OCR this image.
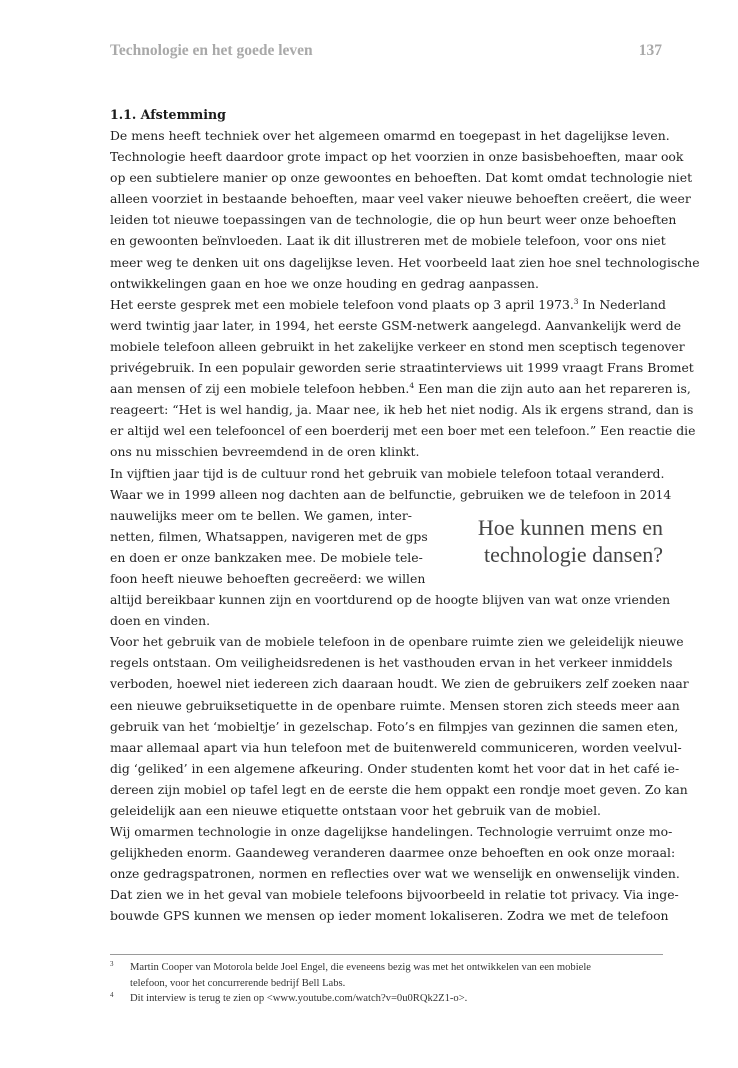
Technologie en het goede leven	137
1.1. Afstemming
De mens heeft techniek over het algemeen omarmd en toegepast in het dagelijkse leven.
Technologie heeft daardoor grote impact op het voorzien in onze basisbehoeften, maar ook
op een subtielere manier op onze gewoontes en behoeften. Dat komt omdat technologie niet
alleen voorziet in bestaande behoeften, maar veel vaker nieuwe behoeften creëert, die weer
leiden tot nieuwe toepassingen van de technologie, die op hun beurt weer onze behoeften
en gewoonten beïnvloeden. Laat ik dit illustreren met de mobiele telefoon, voor ons niet
meer weg te denken uit ons dagelijkse leven. Het voorbeeld laat zien hoe snel technologische
ontwikkelingen gaan en hoe we onze houding en gedrag aanpassen.
Het eerste gesprek met een mobiele telefoon vond plaats op 3 april 1973.$^3$ In Nederland
werd twintig jaar later, in 1994, het eerste GSM-netwerk aangelegd. Aanvankelijk werd de
mobiele telefoon alleen gebruikt in het zakelijke verkeer en stond men sceptisch tegenover
privégebruik. In een populair geworden serie straatinterviews uit 1999 vraagt Frans Bromet
aan mensen of zij een mobiele telefoon hebben.$^4$ Een man die zijn auto aan het repareren is,
reageert: “Het is wel handig, ja. Maar nee, ik heb het niet nodig. Als ik ergens strand, dan is
er altijd wel een telefooncel of een boerderij met een boer met een telefoon.” Een reactie die
ons nu misschien bevreemdend in de oren klinkt.
In vijftien jaar tijd is de cultuur rond het gebruik van mobiele telefoon totaal veranderd.
Waar we in 1999 alleen nog dachten aan de belfunctie, gebruiken we de telefoon in 2014
nauwelijks meer om te bellen. We gamen, inter-
netten, filmen, Whatsappen, navigeren met de gps
en doen er onze bankzaken mee. De mobiele tele-
foon heeft nieuwe behoeften gecreëerd: we willen
altijd bereikbaar kunnen zijn en voortdurend op de hoogte blijven van wat onze vrienden
doen en vinden.
Hoe kunnen mens en
technologie dansen?
Voor het gebruik van de mobiele telefoon in de openbare ruimte zien we geleidelijk nieuwe
regels ontstaan. Om veiligheidsredenen is het vasthouden ervan in het verkeer inmiddels
verboden, hoewel niet iedereen zich daaraan houdt. We zien de gebruikers zelf zoeken naar
een nieuwe gebruiksetiquette in de openbare ruimte. Mensen storen zich steeds meer aan
gebruik van het ‘mobieltje’ in gezelschap. Foto’s en filmpjes van gezinnen die samen eten,
maar allemaal apart via hun telefoon met de buitenwereld communiceren, worden veelvul-
dig ‘geliked’ in een algemene afkeuring. Onder studenten komt het voor dat in het café ie-
dereen zijn mobiel op tafel legt en de eerste die hem oppakt een rondje moet geven. Zo kan
geleidelijk aan een nieuwe etiquette ontstaan voor het gebruik van de mobiel.
Wij omarmen technologie in onze dagelijkse handelingen. Technologie verruimt onze mo-
gelijkheden enorm. Gaandeweg veranderen daarmee onze behoeften en ook onze moraal:
onze gedragspatronen, normen en reflecties over wat we wenselijk en onwenselijk vinden.
Dat zien we in het geval van mobiele telefoons bijvoorbeeld in relatie tot privacy. Via inge-
bouwde GPS kunnen we mensen op ieder moment lokaliseren. Zodra we met de telefoon
3 Martin Cooper van Motorola belde Joel Engel, die eveneens bezig was met het ontwikkelen van een mobiele
telefoon, voor het concurrerende bedrijf Bell Labs.
4 Dit interview is terug te zien op <www.youtube.com/watch?v=0u0RQk2Z1-o>.
